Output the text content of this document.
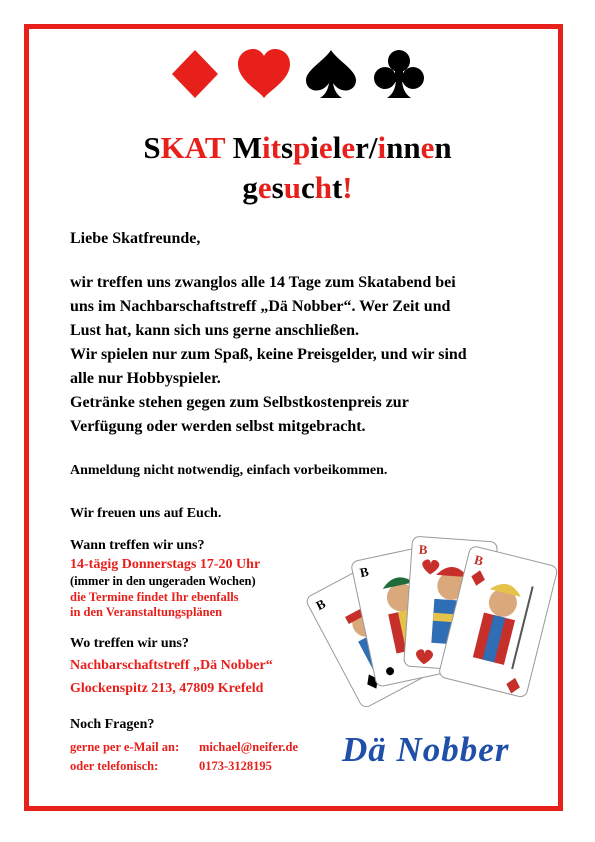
SKAT Mitspieler/innen
gesucht!
Liebe Skatfreunde,
wir treffen uns zwanglos alle 14 Tage zum Skatabend bei
uns im Nachbarschaftstreff „Dä Nobber“. Wer Zeit und
Lust hat, kann sich uns gerne anschließen.
Wir spielen nur zum Spaß, keine Preisgelder, und wir sind
alle nur Hobbyspieler.
Getränke stehen gegen zum Selbstkostenpreis zur
Verfügung oder werden selbst mitgebracht.
Anmeldung nicht notwendig, einfach vorbeikommen.
Wir freuen uns auf Euch.
Wann treffen wir uns?
14-tägig Donnerstags 17-20 Uhr
(immer in den ungeraden Wochen)
die Termine findet Ihr ebenfalls
in den Veranstaltungsplänen
Wo treffen wir uns?
Nachbarschaftstreff „Dä Nobber“
Glockenspitz 213, 47809 Krefeld
Noch Fragen?
gerne per e-Mail an: michael@neifer.de
oder telefonisch:	0173-3128195
B
B
B
B
Dä Nobber
